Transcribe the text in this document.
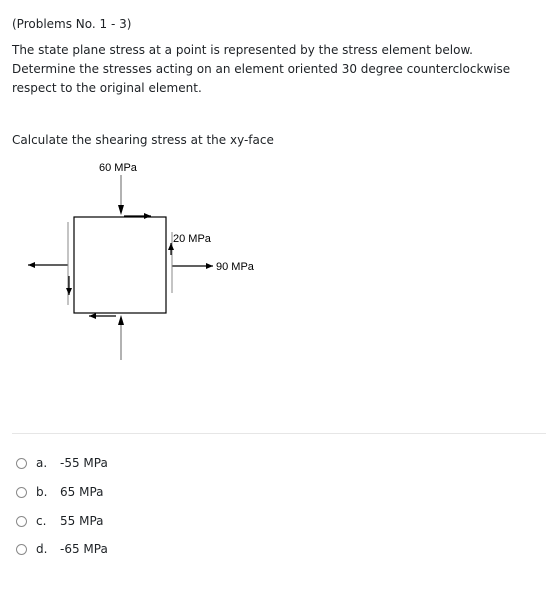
(Problems No. 1 - 3)
The state plane stress at a point is represented by the stress element below. Determine the stresses acting on an element oriented 30 degree counterclockwise respect to the original element.
Calculate the shearing stress at the xy-face
60 MPa
20 MPa
90 MPa
a.	-55 MPa
b.	65 MPa
c.	55 MPa
d.	-65 MPa
